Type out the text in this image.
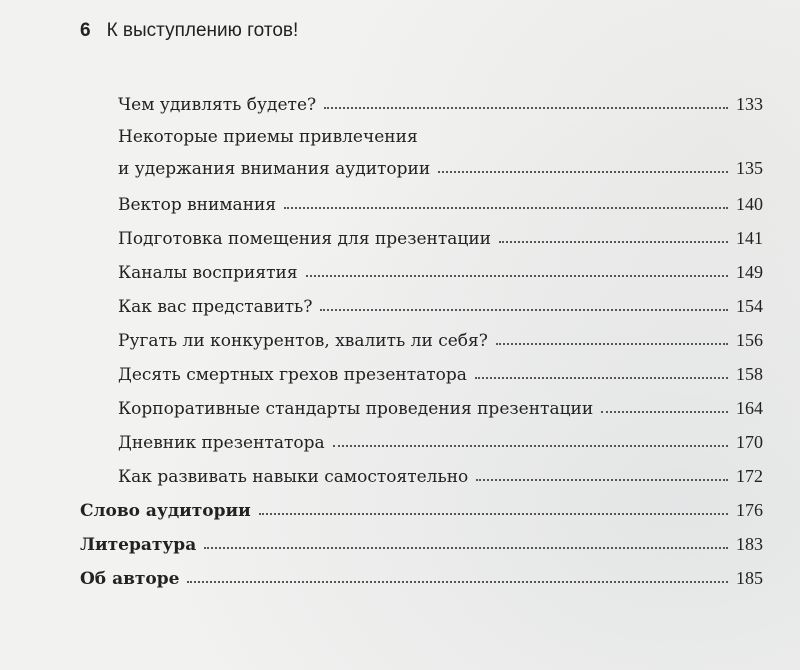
6 К выступлению готов!
Чем удивлять будете?	133
Некоторые приемы привлечения
и удержания внимания аудитории	135
Вектор внимания	140
Подготовка помещения для презентации	141
Каналы восприятия	149
Как вас представить?	154
Ругать ли конкурентов, хвалить ли себя?	156
Десять смертных грехов презентатора	158
Корпоративные стандарты проведения презентации	164
Дневник презентатора	170
Как развивать навыки самостоятельно	172
Слово аудитории	176
Литература	183
Об авторе	185
